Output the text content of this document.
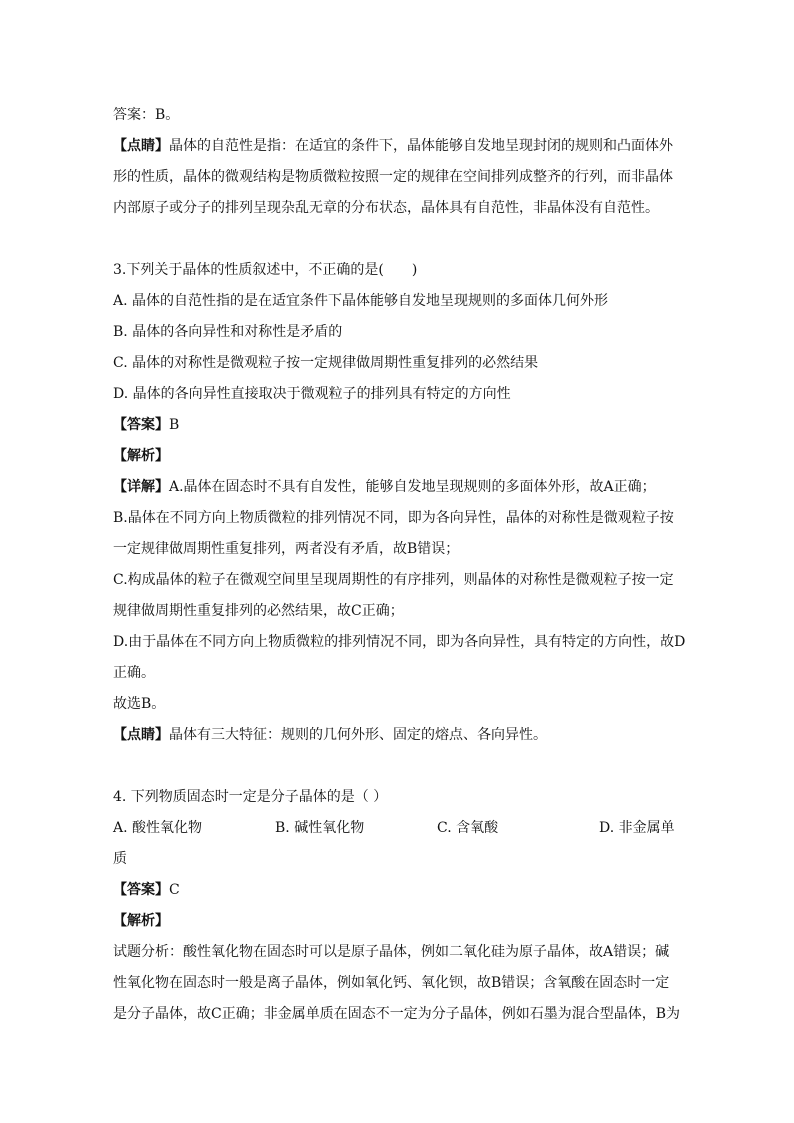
答案：B。
【点睛】晶体的自范性是指：在适宜的条件下，晶体能够自发地呈现封闭的规则和凸面体外
形的性质，晶体的微观结构是物质微粒按照一定的规律在空间排列成整齐的行列，而非晶体
内部原子或分子的排列呈现杂乱无章的分布状态，晶体具有自范性，非晶体没有自范性。
3.下列关于晶体的性质叙述中，不正确的是(　　)
A. 晶体的自范性指的是在适宜条件下晶体能够自发地呈现规则的多面体几何外形
B. 晶体的各向异性和对称性是矛盾的
C. 晶体的对称性是微观粒子按一定规律做周期性重复排列的必然结果
D. 晶体的各向异性直接取决于微观粒子的排列具有特定的方向性
【答案】B
【解析】
【详解】A.晶体在固态时不具有自发性，能够自发地呈现规则的多面体外形，故A正确；
B.晶体在不同方向上物质微粒的排列情况不同，即为各向异性，晶体的对称性是微观粒子按
一定规律做周期性重复排列，两者没有矛盾，故B错误；
C.构成晶体的粒子在微观空间里呈现周期性的有序排列，则晶体的对称性是微观粒子按一定
规律做周期性重复排列的必然结果，故C正确；
D.由于晶体在不同方向上物质微粒的排列情况不同，即为各向异性，具有特定的方向性，故D
正确。
故选B。
【点睛】晶体有三大特征：规则的几何外形、固定的熔点、各向异性。
4. 下列物质固态时一定是分子晶体的是（ ）
A. 酸性氧化物	B. 碱性氧化物	C. 含氧酸	D. 非金属单
质
【答案】C
【解析】
试题分析：酸性氧化物在固态时可以是原子晶体，例如二氧化硅为原子晶体，故A错误；碱
性氧化物在固态时一般是离子晶体，例如氧化钙、氧化钡，故B错误；含氧酸在固态时一定
是分子晶体，故C正确；非金属单质在固态不一定为分子晶体，例如石墨为混合型晶体，B为
